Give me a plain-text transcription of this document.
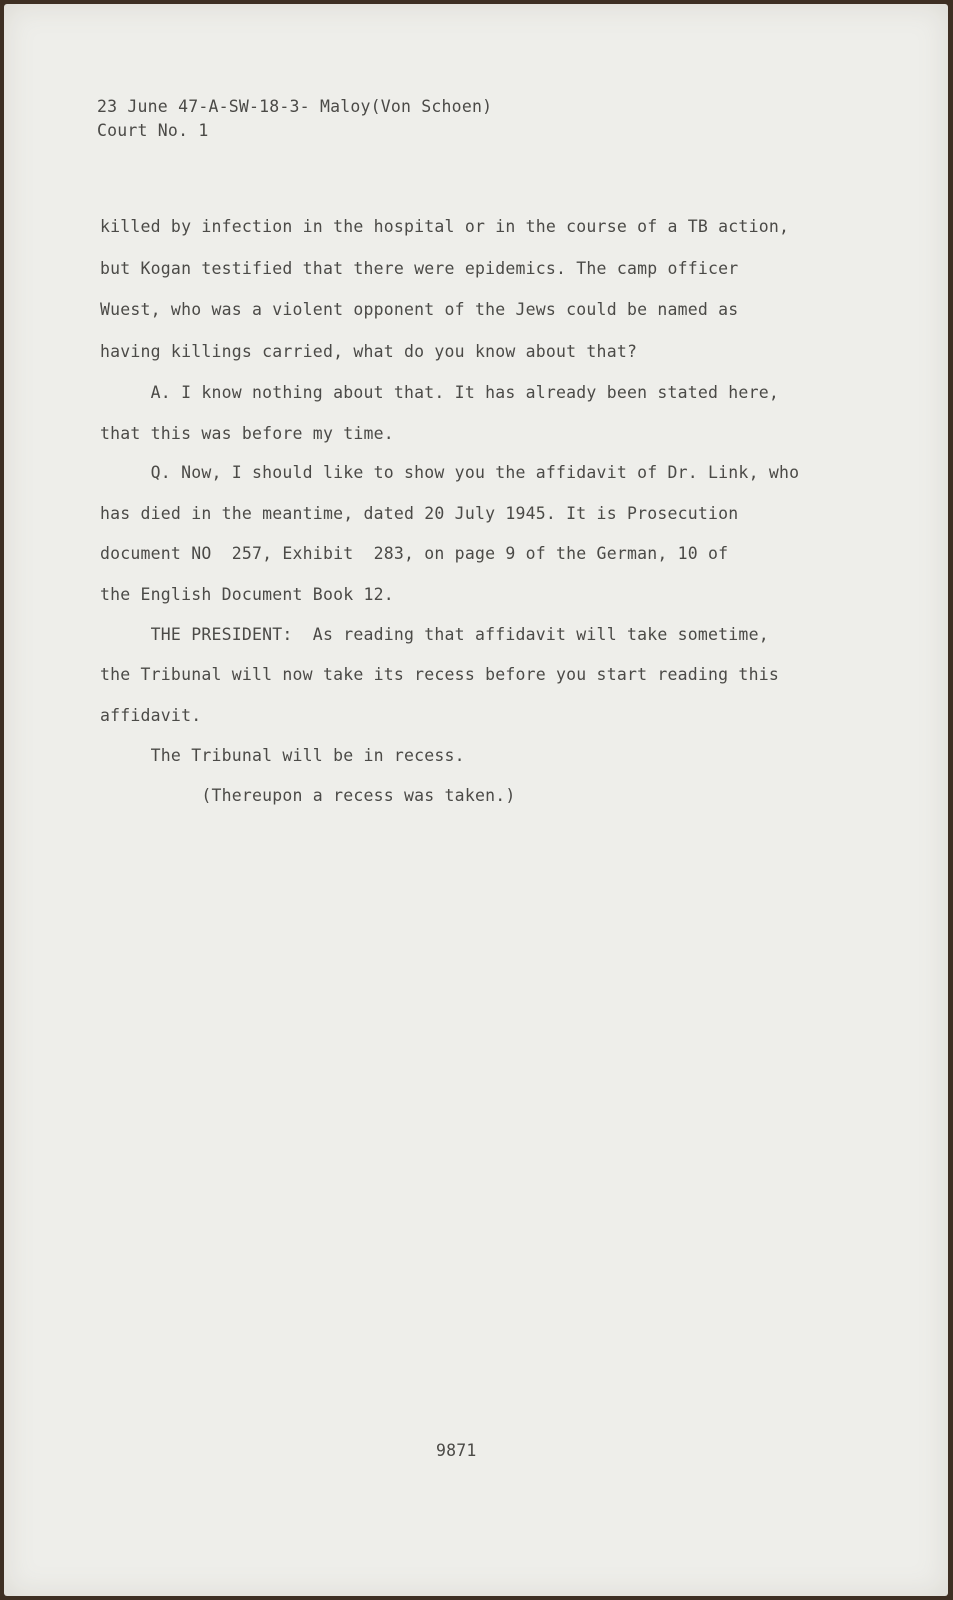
23 June 47-A-SW-18-3- Maloy(Von Schoen)
Court No. 1
killed by infection in the hospital or in the course of a TB action,
but Kogan testified that there were epidemics. The camp officer
Wuest, who was a violent opponent of the Jews could be named as
having killings carried, what do you know about that?
A. I know nothing about that. It has already been stated here,
that this was before my time.
Q. Now, I should like to show you the affidavit of Dr. Link, who
has died in the meantime, dated 20 July 1945. It is Prosecution
document NO  257, Exhibit  283, on page 9 of the German, 10 of
the English Document Book 12.
THE PRESIDENT:  As reading that affidavit will take sometime,
the Tribunal will now take its recess before you start reading this
affidavit.
The Tribunal will be in recess.
(Thereupon a recess was taken.)
9871
